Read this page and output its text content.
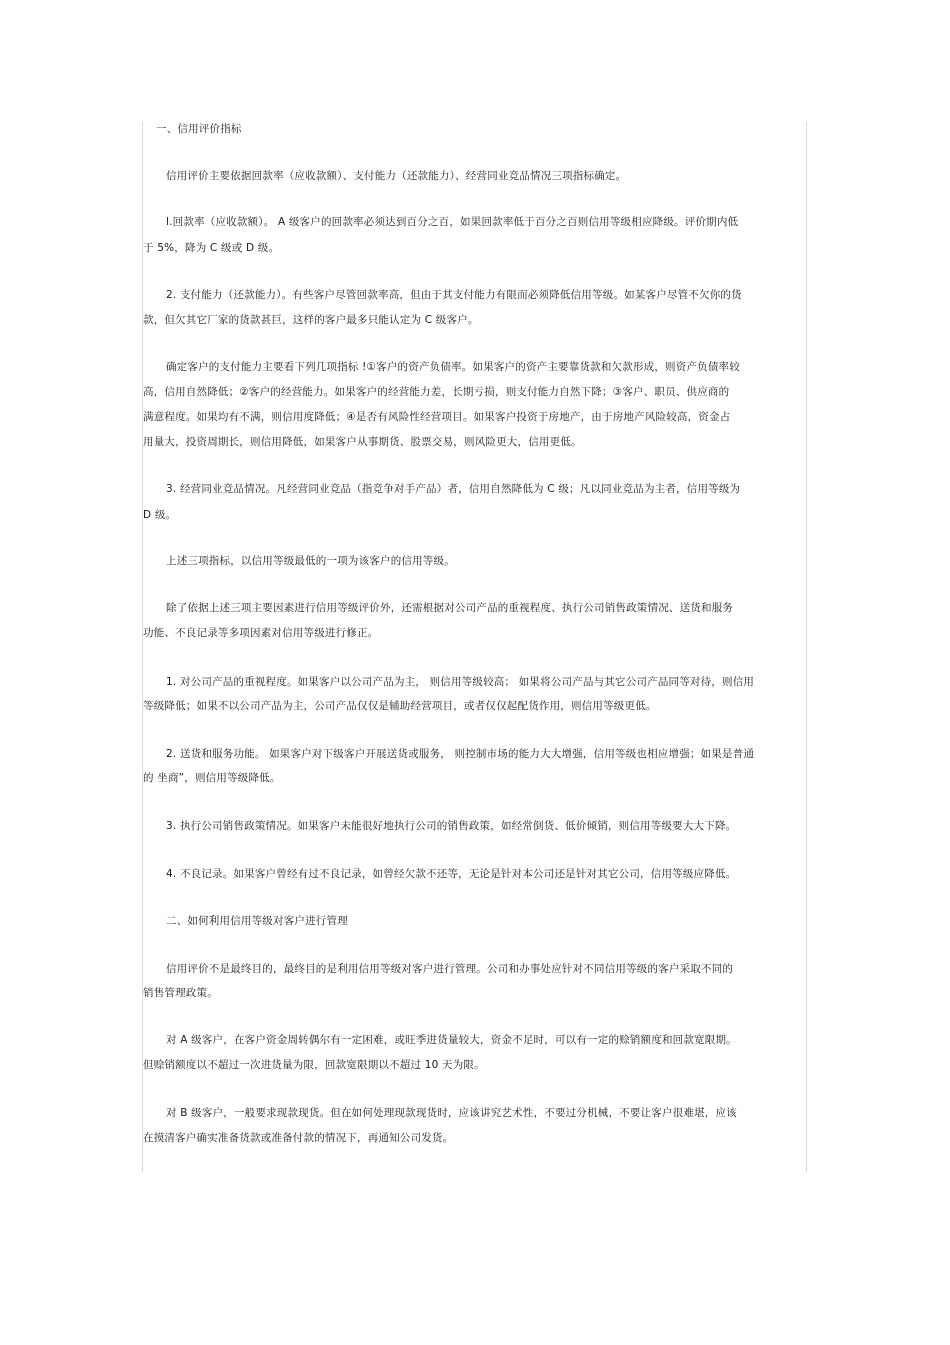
一、信用评价指标
信用评价主要依据回款率（应收款额）、支付能力（还款能力）、经营同业竞品情况三项指标确定。
l.回款率（应收款额）。 A 级客户的回款率必须达到百分之百，如果回款率低于百分之百则信用等级相应降级。评价期内低
于 5%，降为 C 级或 D 级。
2. 支付能力（还款能力）。有些客户尽管回款率高，但由于其支付能力有限而必须降低信用等级。如某客户尽管不欠你的货
款，但欠其它厂家的货款甚巨，这样的客户最多只能认定为 C 级客户。
确定客户的支付能力主要看下列几项指标 !①客户的资产负债率。如果客户的资产主要靠货款和欠款形成，则资产负债率较
高，信用自然降低；②客户的经营能力。如果客户的经营能力差，长期亏损，则支付能力自然下降；③客户、职员、供应商的
满意程度。如果均有不满，则信用度降低；④是否有风险性经营项目。如果客户投资于房地产，由于房地产风险较高，资金占
用量大，投资周期长，则信用降低，如果客户从事期货、股票交易，则风险更大，信用更低。
3. 经营同业竞品情况。凡经营同业竞品（指竞争对手产品）者，信用自然降低为 C 级；凡以同业竞品为主者，信用等级为
D 级。
上述三项指标，以信用等级最低的一项为该客户的信用等级。
除了依据上述三项主要因素进行信用等级评价外，还需根据对公司产品的重视程度、执行公司销售政策情况、送货和服务
功能、不良记录等多项因素对信用等级进行修正。
1. 对公司产品的重视程度。如果客户以公司产品为主， 则信用等级较高； 如果将公司产品与其它公司产品同等对待，则信用
等级降低；如果不以公司产品为主，公司产品仅仅是辅助经营项目，或者仅仅起配货作用，则信用等级更低。
2. 送货和服务功能。 如果客户对下级客户开展送货或服务， 则控制市场的能力大大增强，信用等级也相应增强；如果是普通
的 坐商”，则信用等级降低。
3. 执行公司销售政策情况。如果客户未能很好地执行公司的销售政策，如经常倒货、低价倾销，则信用等级要大大下降。
4. 不良记录。如果客户曾经有过不良记录，如曾经欠款不还等，无论是针对本公司还是针对其它公司，信用等级应降低。
二、如何利用信用等级对客户进行管理
信用评价不是最终目的，最终目的是利用信用等级对客户进行管理。公司和办事处应针对不同信用等级的客户采取不同的
销售管理政策。
对 A 级客户，在客户资金周转偶尔有一定困难，或旺季进货量较大，资金不足时，可以有一定的赊销额度和回款宽限期。
但赊销额度以不超过一次进货量为限，回款宽限期以不超过 10 天为限。
对 B 级客户，一般要求现款现货。但在如何处理现款现货时，应该讲究艺术性，不要过分机械，不要让客户很难堪，应该
在摸清客户确实准备货款或准备付款的情况下，再通知公司发货。
